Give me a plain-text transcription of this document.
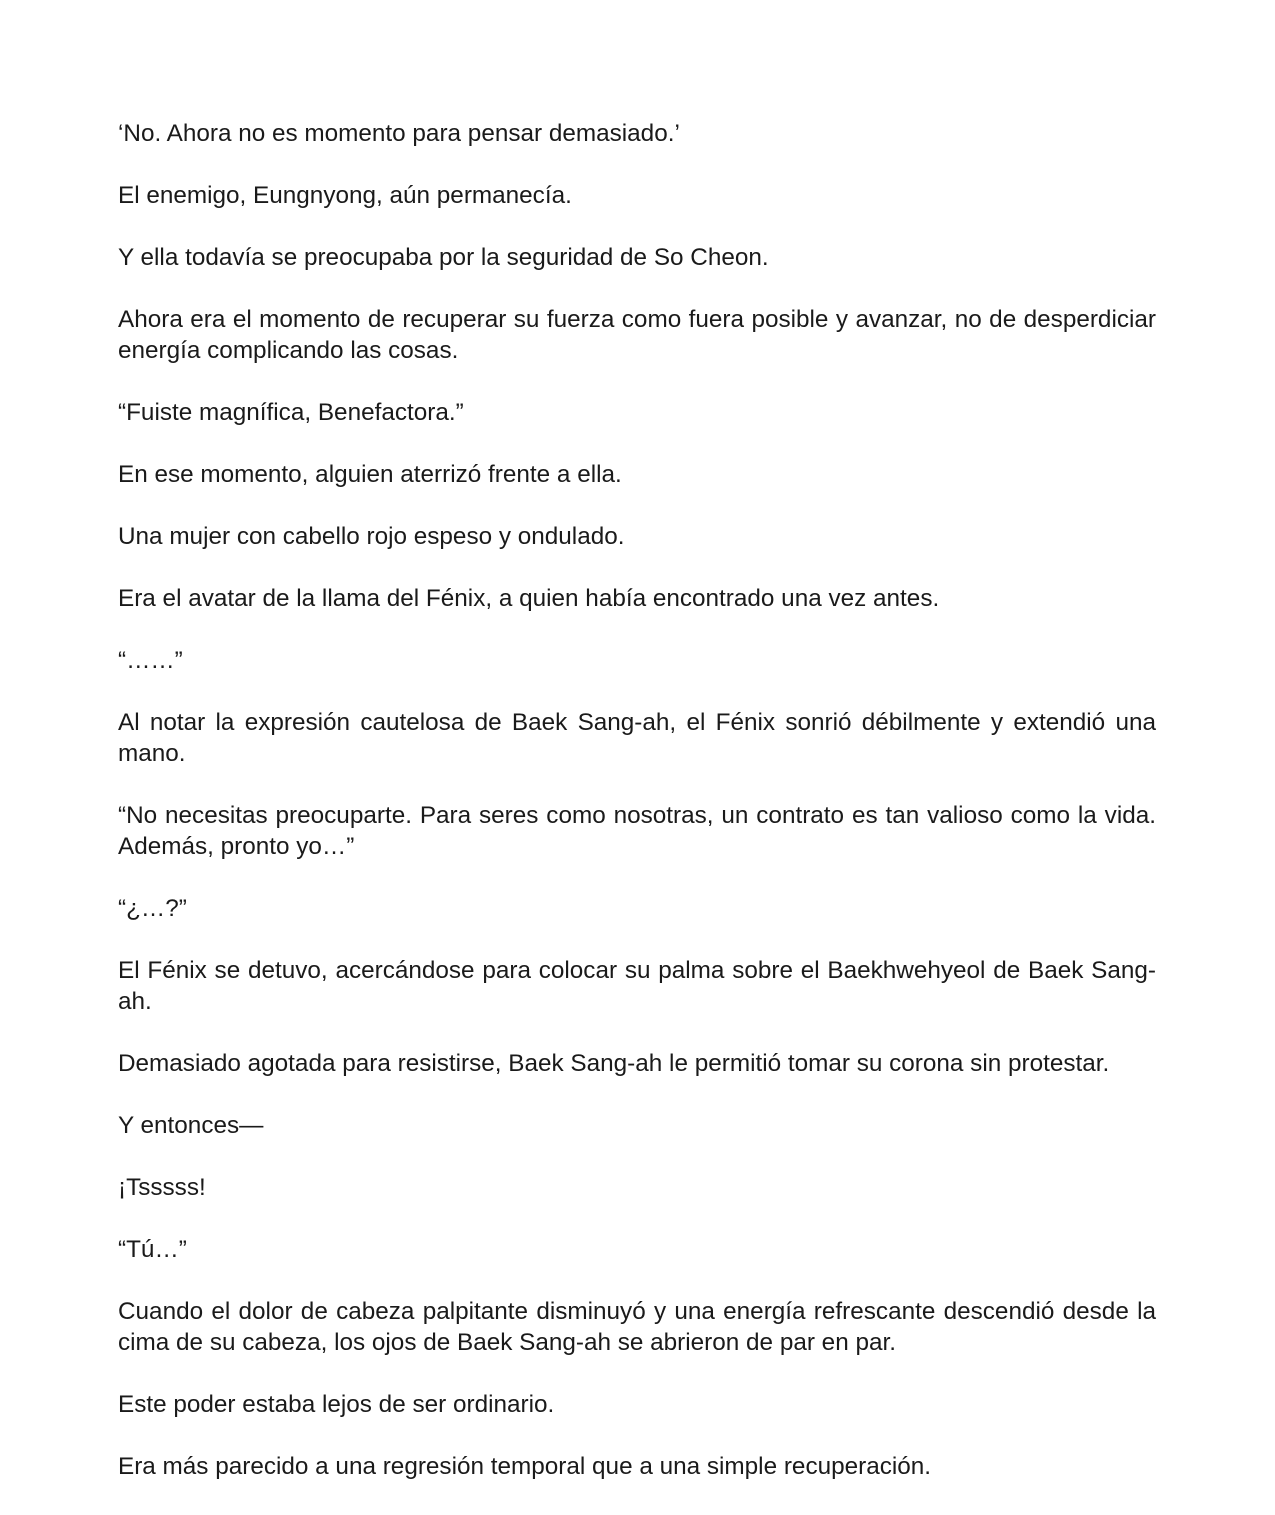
‘No. Ahora no es momento para pensar demasiado.’

El enemigo, Eungnyong, aún permanecía.

Y ella todavía se preocupaba por la seguridad de So Cheon.

Ahora era el momento de recuperar su fuerza como fuera posible y avanzar, no de desperdiciar energía complicando las cosas.

“Fuiste magnífica, Benefactora.”

En ese momento, alguien aterrizó frente a ella.

Una mujer con cabello rojo espeso y ondulado.

Era el avatar de la llama del Fénix, a quien había encontrado una vez antes.

“……”

Al notar la expresión cautelosa de Baek Sang-ah, el Fénix sonrió débilmente y extendió una mano.

“No necesitas preocuparte. Para seres como nosotras, un contrato es tan valioso como la vida. Además, pronto yo…”

“¿…?”

El Fénix se detuvo, acercándose para colocar su palma sobre el Baekhwehyeol de Baek Sang-ah.

Demasiado agotada para resistirse, Baek Sang-ah le permitió tomar su corona sin protestar.

Y entonces—

¡Tsssss!

“Tú…”

Cuando el dolor de cabeza palpitante disminuyó y una energía refrescante descendió desde la cima de su cabeza, los ojos de Baek Sang-ah se abrieron de par en par.

Este poder estaba lejos de ser ordinario.

Era más parecido a una regresión temporal que a una simple recuperación.
